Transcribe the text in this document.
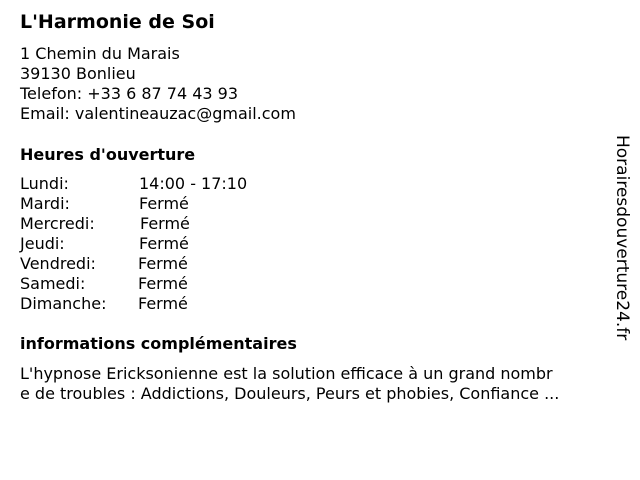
L'Harmonie de Soi
1 Chemin du Marais
39130 Bonlieu
Telefon: +33 6 87 74 43 93
Email: valentineauzac@gmail.com
Heures d'ouverture
Lundi:	14:00 - 17:10
Mardi:	Fermé
Mercredi:	Fermé
Jeudi:	Fermé
Vendredi:	Fermé
Samedi:	Fermé
Dimanche: Fermé
informations complémentaires
L'hypnose Ericksonienne est la solution efficace à un grand nombr
e de troubles : Addictions, Douleurs, Peurs et phobies, Confiance ...
Horairesdouverture24.fr
